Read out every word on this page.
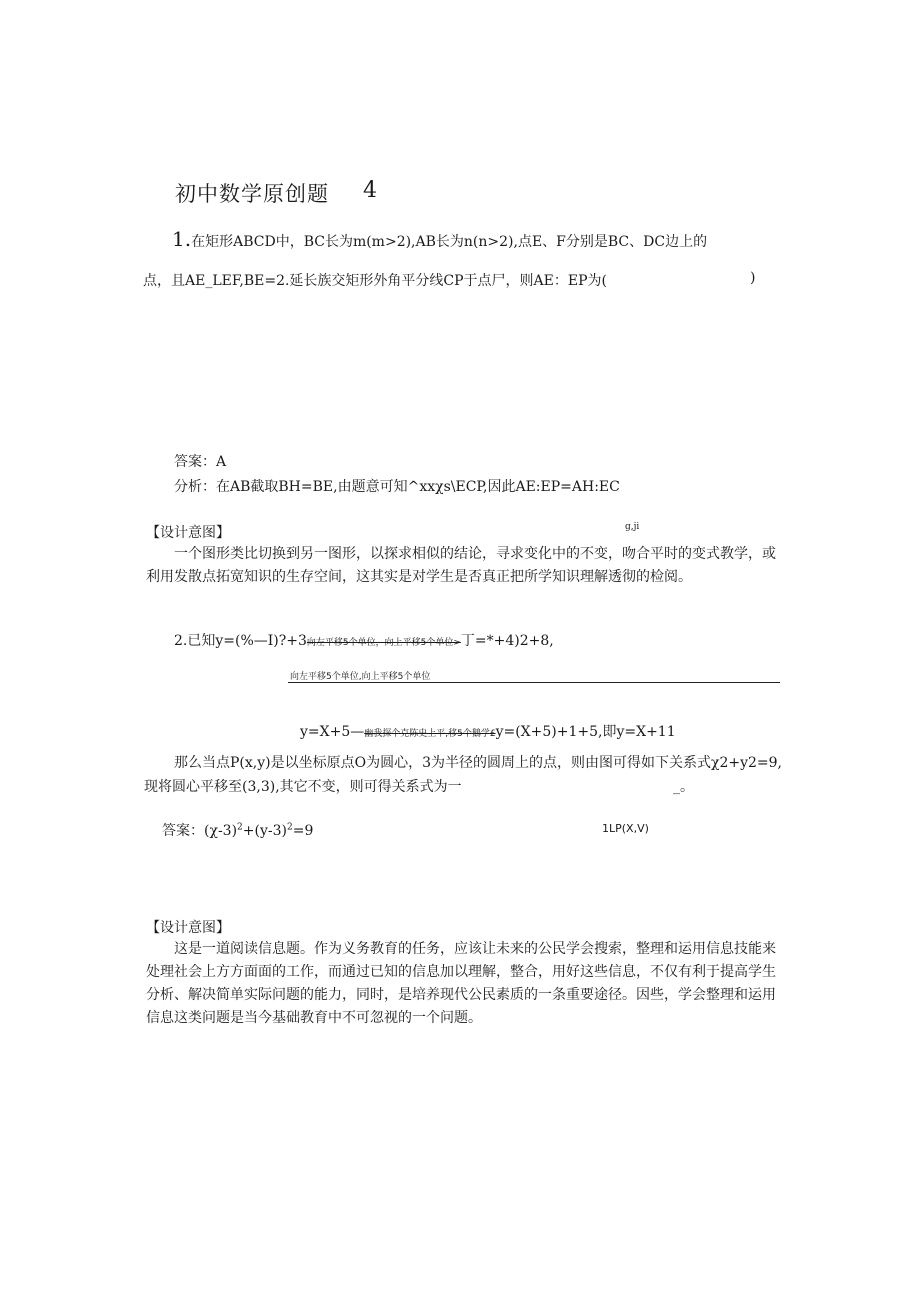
初中数学原创题 4
1.在矩形ABCD中，BC长为m(m>2),AB长为n(n>2),点E、F分别是BC、DC边上的
点，且AE_LEF,BE=2.延长族交矩形外角平分线CP于点尸，则AE：EP为(	)
答案：A
分析：在AB截取BH=BE,由题意可知^xxχs\ECP,因此AE:EP=AH:EC
【设计意图】	g,ji
一个图形类比切换到另一图形，以探求相似的结论，寻求变化中的不变，吻合平时的变式教学，或利用发散点拓宽知识的生存空间，这其实是对学生是否真正把所学知识理解透彻的检阅。
2.已知y=(%—I)?+3向左平移5个单位，向上平移5个单位>丁=*+4)2+8,
向左平移5个单位,向上平移5个单位
y=X+5—幽我探个克陈史上平,移5个鵝学£y=(X+5)+1+5,即y=X+11
那么当点P(x,y)是以坐标原点O为圆心，3为半径的圆周上的点，则由图可得如下关系式χ2+y2=9,
现将圆心平移至(3,3),其它不变，则可得关系式为一	_。
答案：$(\chi-3)^2+(y-3)^2=9$	1LP(X,V)
【设计意图】
这是一道阅读信息题。作为义务教育的任务，应该让未来的公民学会搜索，整理和运用信息技能来处理社会上方方面面的工作，而通过已知的信息加以理解，整合，用好这些信息，不仅有利于提高学生分析、解决简单实际问题的能力，同时，是培养现代公民素质的一条重要途径。因些，学会整理和运用信息这类问题是当今基础教育中不可忽视的一个问题。
